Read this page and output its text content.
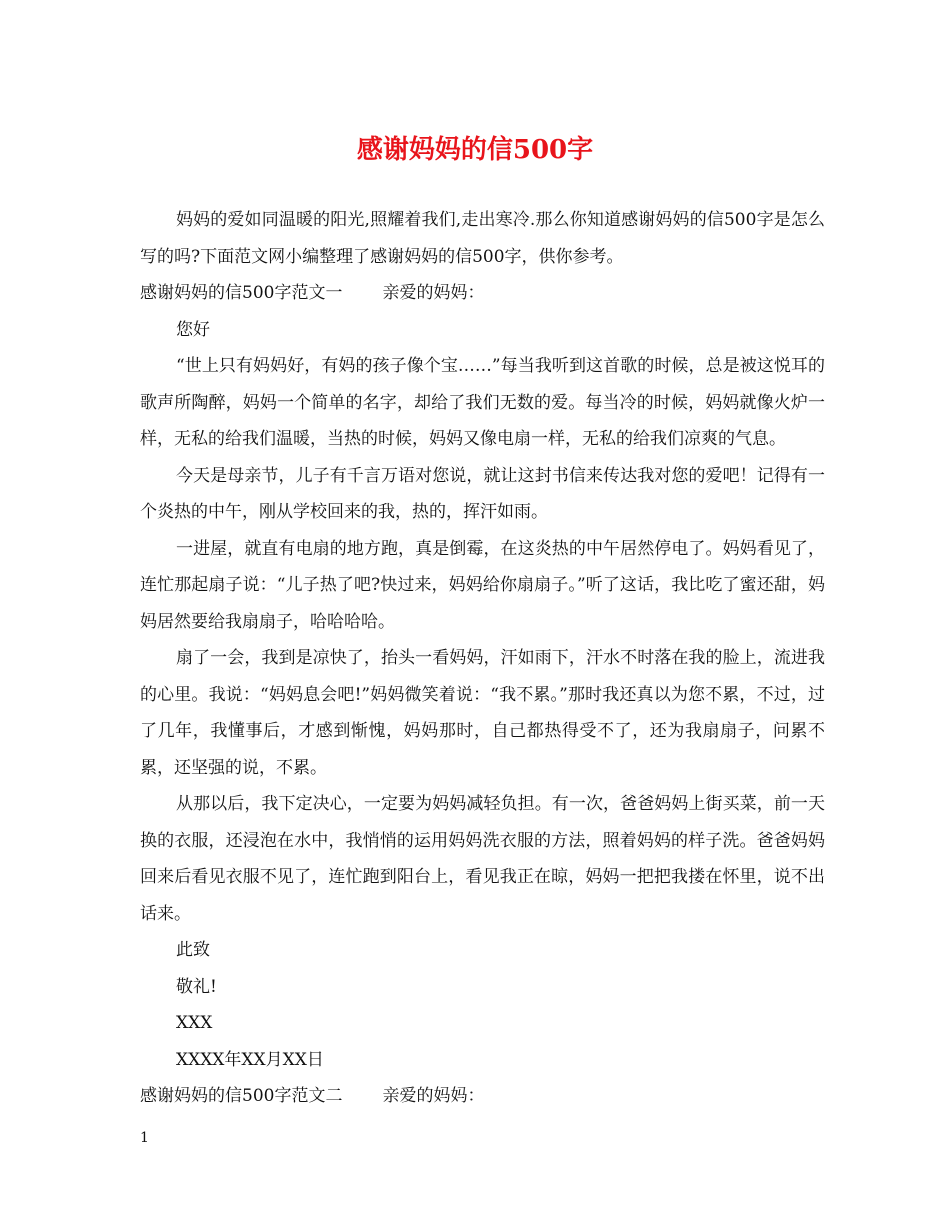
感谢妈妈的信500字

妈妈的爱如同温暖的阳光,照耀着我们,走出寒冷.那么你知道感谢妈妈的信500字是怎么写的吗?下面范文网小编整理了感谢妈妈的信500字，供你参考。

感谢妈妈的信500字范文一 亲爱的妈妈：

您好

“世上只有妈妈好，有妈的孩子像个宝……”每当我听到这首歌的时候，总是被这悦耳的歌声所陶醉，妈妈一个简单的名字，却给了我们无数的爱。每当冷的时候，妈妈就像火炉一样，无私的给我们温暖，当热的时候，妈妈又像电扇一样，无私的给我们凉爽的气息。

今天是母亲节，儿子有千言万语对您说，就让这封书信来传达我对您的爱吧！记得有一个炎热的中午，刚从学校回来的我，热的，挥汗如雨。

一进屋，就直有电扇的地方跑，真是倒霉，在这炎热的中午居然停电了。妈妈看见了，连忙那起扇子说：“儿子热了吧?快过来，妈妈给你扇扇子。”听了这话，我比吃了蜜还甜，妈妈居然要给我扇扇子，哈哈哈哈。

扇了一会，我到是凉快了，抬头一看妈妈，汗如雨下，汗水不时落在我的脸上，流进我的心里。我说：“妈妈息会吧!”妈妈微笑着说：“我不累。”那时我还真以为您不累，不过，过了几年，我懂事后，才感到惭愧，妈妈那时，自己都热得受不了，还为我扇扇子，问累不累，还坚强的说，不累。

从那以后，我下定决心，一定要为妈妈减轻负担。有一次，爸爸妈妈上街买菜，前一天换的衣服，还浸泡在水中，我悄悄的运用妈妈洗衣服的方法，照着妈妈的样子洗。爸爸妈妈回来后看见衣服不见了，连忙跑到阳台上，看见我正在晾，妈妈一把把我搂在怀里，说不出话来。

此致

敬礼!

XXX

XXXX年XX月XX日

感谢妈妈的信500字范文二 亲爱的妈妈：

1
